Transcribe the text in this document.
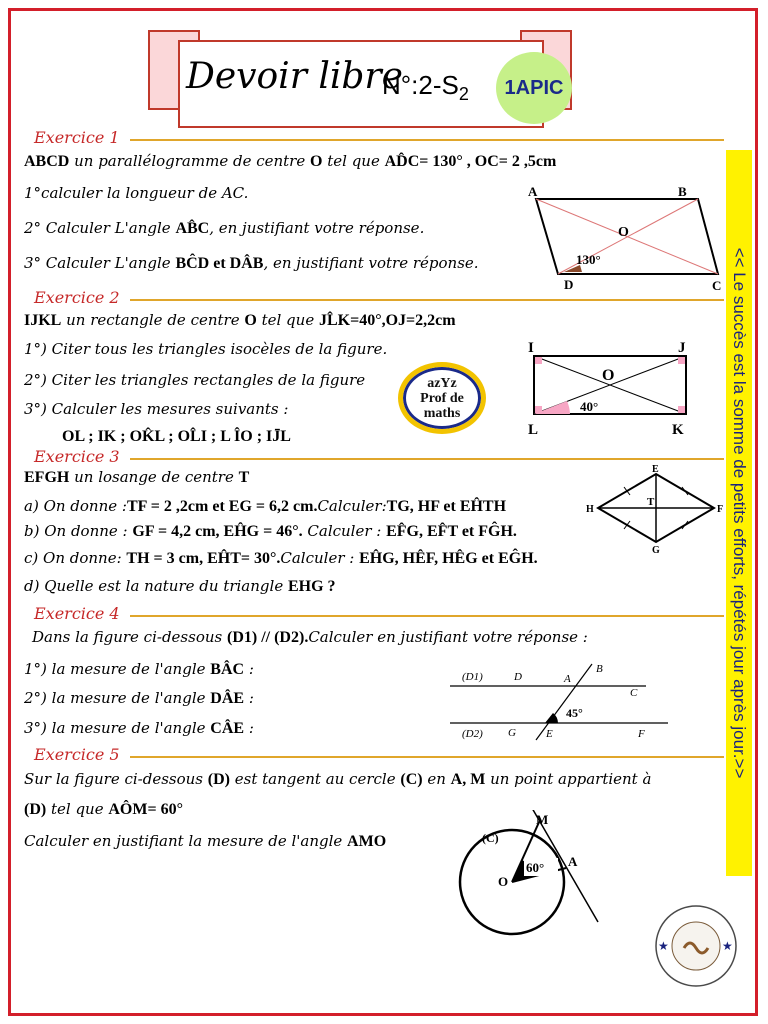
Devoir libre
$N^\circ:2-S_2$	1APIC
<< Le succès est la somme de petits efforts, répétés jour après jour.>>
Exercice 1
ABCD un parallélogramme de centre O tel que AD̂C= 130° , OC= 2 ,5cm
1°calculer la longueur de AC.
2° Calculer L'angle AB̂C, en justifiant votre réponse.
3° Calculer L'angle BĈD et DÂB, en justifiant votre réponse.
A	B
C
D
O
130°
Exercice 2
IJKL un rectangle de centre O tel que JL̂K=40°,OJ=2,2cm
1°) Citer tous les triangles isocèles de la figure.
2°) Citer les triangles rectangles de la figure
3°) Calculer les mesures suivants :
OL ; IK ; OK̂L ; OL̂I ; L ÎO ; IJ̄L
azYz
Prof de
maths
I	J
K
L
O
40°
Exercice 3
EFGH un losange de centre T
a) On donne :TF = 2 ,2cm et EG = 6,2 cm.Calculer:TG, HF et EĤTH
b) On donne : GF = 4,2 cm, EĤG = 46°. Calculer : EF̂G, EF̂T et FĜH.
c) On donne: TH = 3 cm, EĤT= 30°.Calculer : EĤG, HÊF, HÊG et EĜH.
d) Quelle est la nature du triangle EHG ?
E
F
G
H
T
Exercice 4
Dans la figure ci-dessous (D1) // (D2).Calculer en justifiant votre réponse :
1°) la mesure de l'angle BÂC :
2°) la mesure de l'angle DÂE :
3°) la mesure de l'angle CÂE :
(D1)
(D2)
D	A
B
C
G	E	F
45°
Exercice 5
Sur la figure ci-dessous (D) est tangent au cercle (C) en A, M un point appartient à
(D) tel que AÔM= 60°
Calculer en justifiant la mesure de l'angle AMO	(C)
M
A
O
60°
★	★
